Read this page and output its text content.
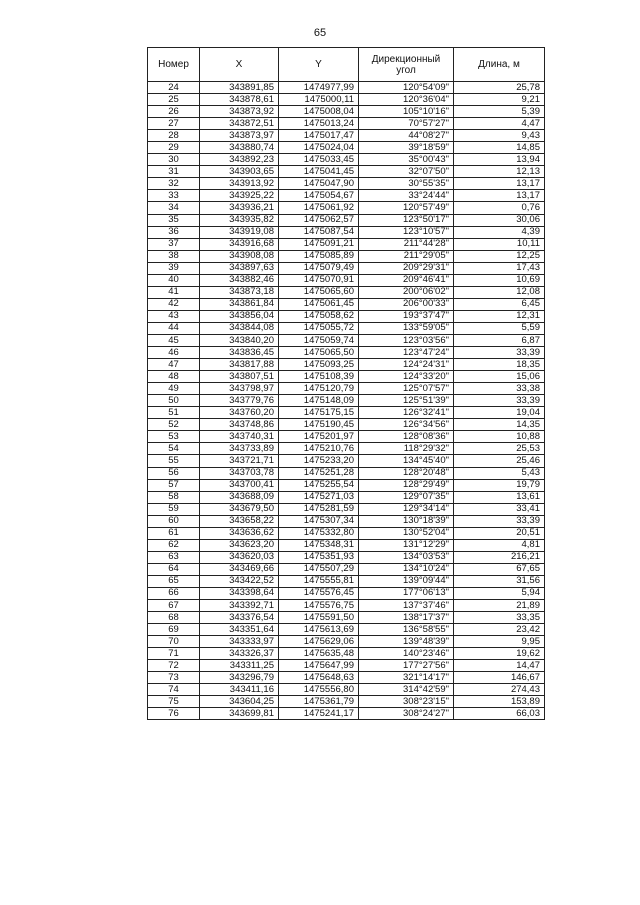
65
Номер	X	Y	Дирекционный угол	Длина, м
24	343891,85	1474977,99	120°54'09"	25,78
25	343878,61	1475000,11	120°36'04"	9,21
26	343873,92	1475008,04	105°10'16"	5,39
27	343872,51	1475013,24	70°57'27"	4,47
28	343873,97	1475017,47	44°08'27"	9,43
29	343880,74	1475024,04	39°18'59"	14,85
30	343892,23	1475033,45	35°00'43"	13,94
31	343903,65	1475041,45	32°07'50"	12,13
32	343913,92	1475047,90	30°55'35"	13,17
33	343925,22	1475054,67	33°24'44"	13,17
34	343936,21	1475061,92	120°57'49"	0,76
35	343935,82	1475062,57	123°50'17"	30,06
36	343919,08	1475087,54	123°10'57"	4,39
37	343916,68	1475091,21	211°44'28"	10,11
38	343908,08	1475085,89	211°29'05"	12,25
39	343897,63	1475079,49	209°29'31"	17,43
40	343882,46	1475070,91	209°46'41"	10,69
41	343873,18	1475065,60	200°06'02"	12,08
42	343861,84	1475061,45	206°00'33"	6,45
43	343856,04	1475058,62	193°37'47"	12,31
44	343844,08	1475055,72	133°59'05"	5,59
45	343840,20	1475059,74	123°03'56"	6,87
46	343836,45	1475065,50	123°47'24"	33,39
47	343817,88	1475093,25	124°24'31"	18,35
48	343807,51	1475108,39	124°33'20"	15,06
49	343798,97	1475120,79	125°07'57"	33,38
50	343779,76	1475148,09	125°51'39"	33,39
51	343760,20	1475175,15	126°32'41"	19,04
52	343748,86	1475190,45	126°34'56"	14,35
53	343740,31	1475201,97	128°08'36"	10,88
54	343733,89	1475210,76	118°29'32"	25,53
55	343721,71	1475233,20	134°45'40"	25,46
56	343703,78	1475251,28	128°20'48"	5,43
57	343700,41	1475255,54	128°29'49"	19,79
58	343688,09	1475271,03	129°07'35"	13,61
59	343679,50	1475281,59	129°34'14"	33,41
60	343658,22	1475307,34	130°18'39"	33,39
61	343636,62	1475332,80	130°52'04"	20,51
62	343623,20	1475348,31	131°12'29"	4,81
63	343620,03	1475351,93	134°03'53"	216,21
64	343469,66	1475507,29	134°10'24"	67,65
65	343422,52	1475555,81	139°09'44"	31,56
66	343398,64	1475576,45	177°06'13"	5,94
67	343392,71	1475576,75	137°37'46"	21,89
68	343376,54	1475591,50	138°17'37"	33,35
69	343351,64	1475613,69	136°58'55"	23,42
70	343333,97	1475629,06	139°48'39"	9,95
71	343326,37	1475635,48	140°23'46"	19,62
72	343311,25	1475647,99	177°27'56"	14,47
73	343296,79	1475648,63	321°14'17"	146,67
74	343411,16	1475556,80	314°42'59"	274,43
75	343604,25	1475361,79	308°23'15"	153,89
76	343699,81	1475241,17	308°24'27"	66,03
